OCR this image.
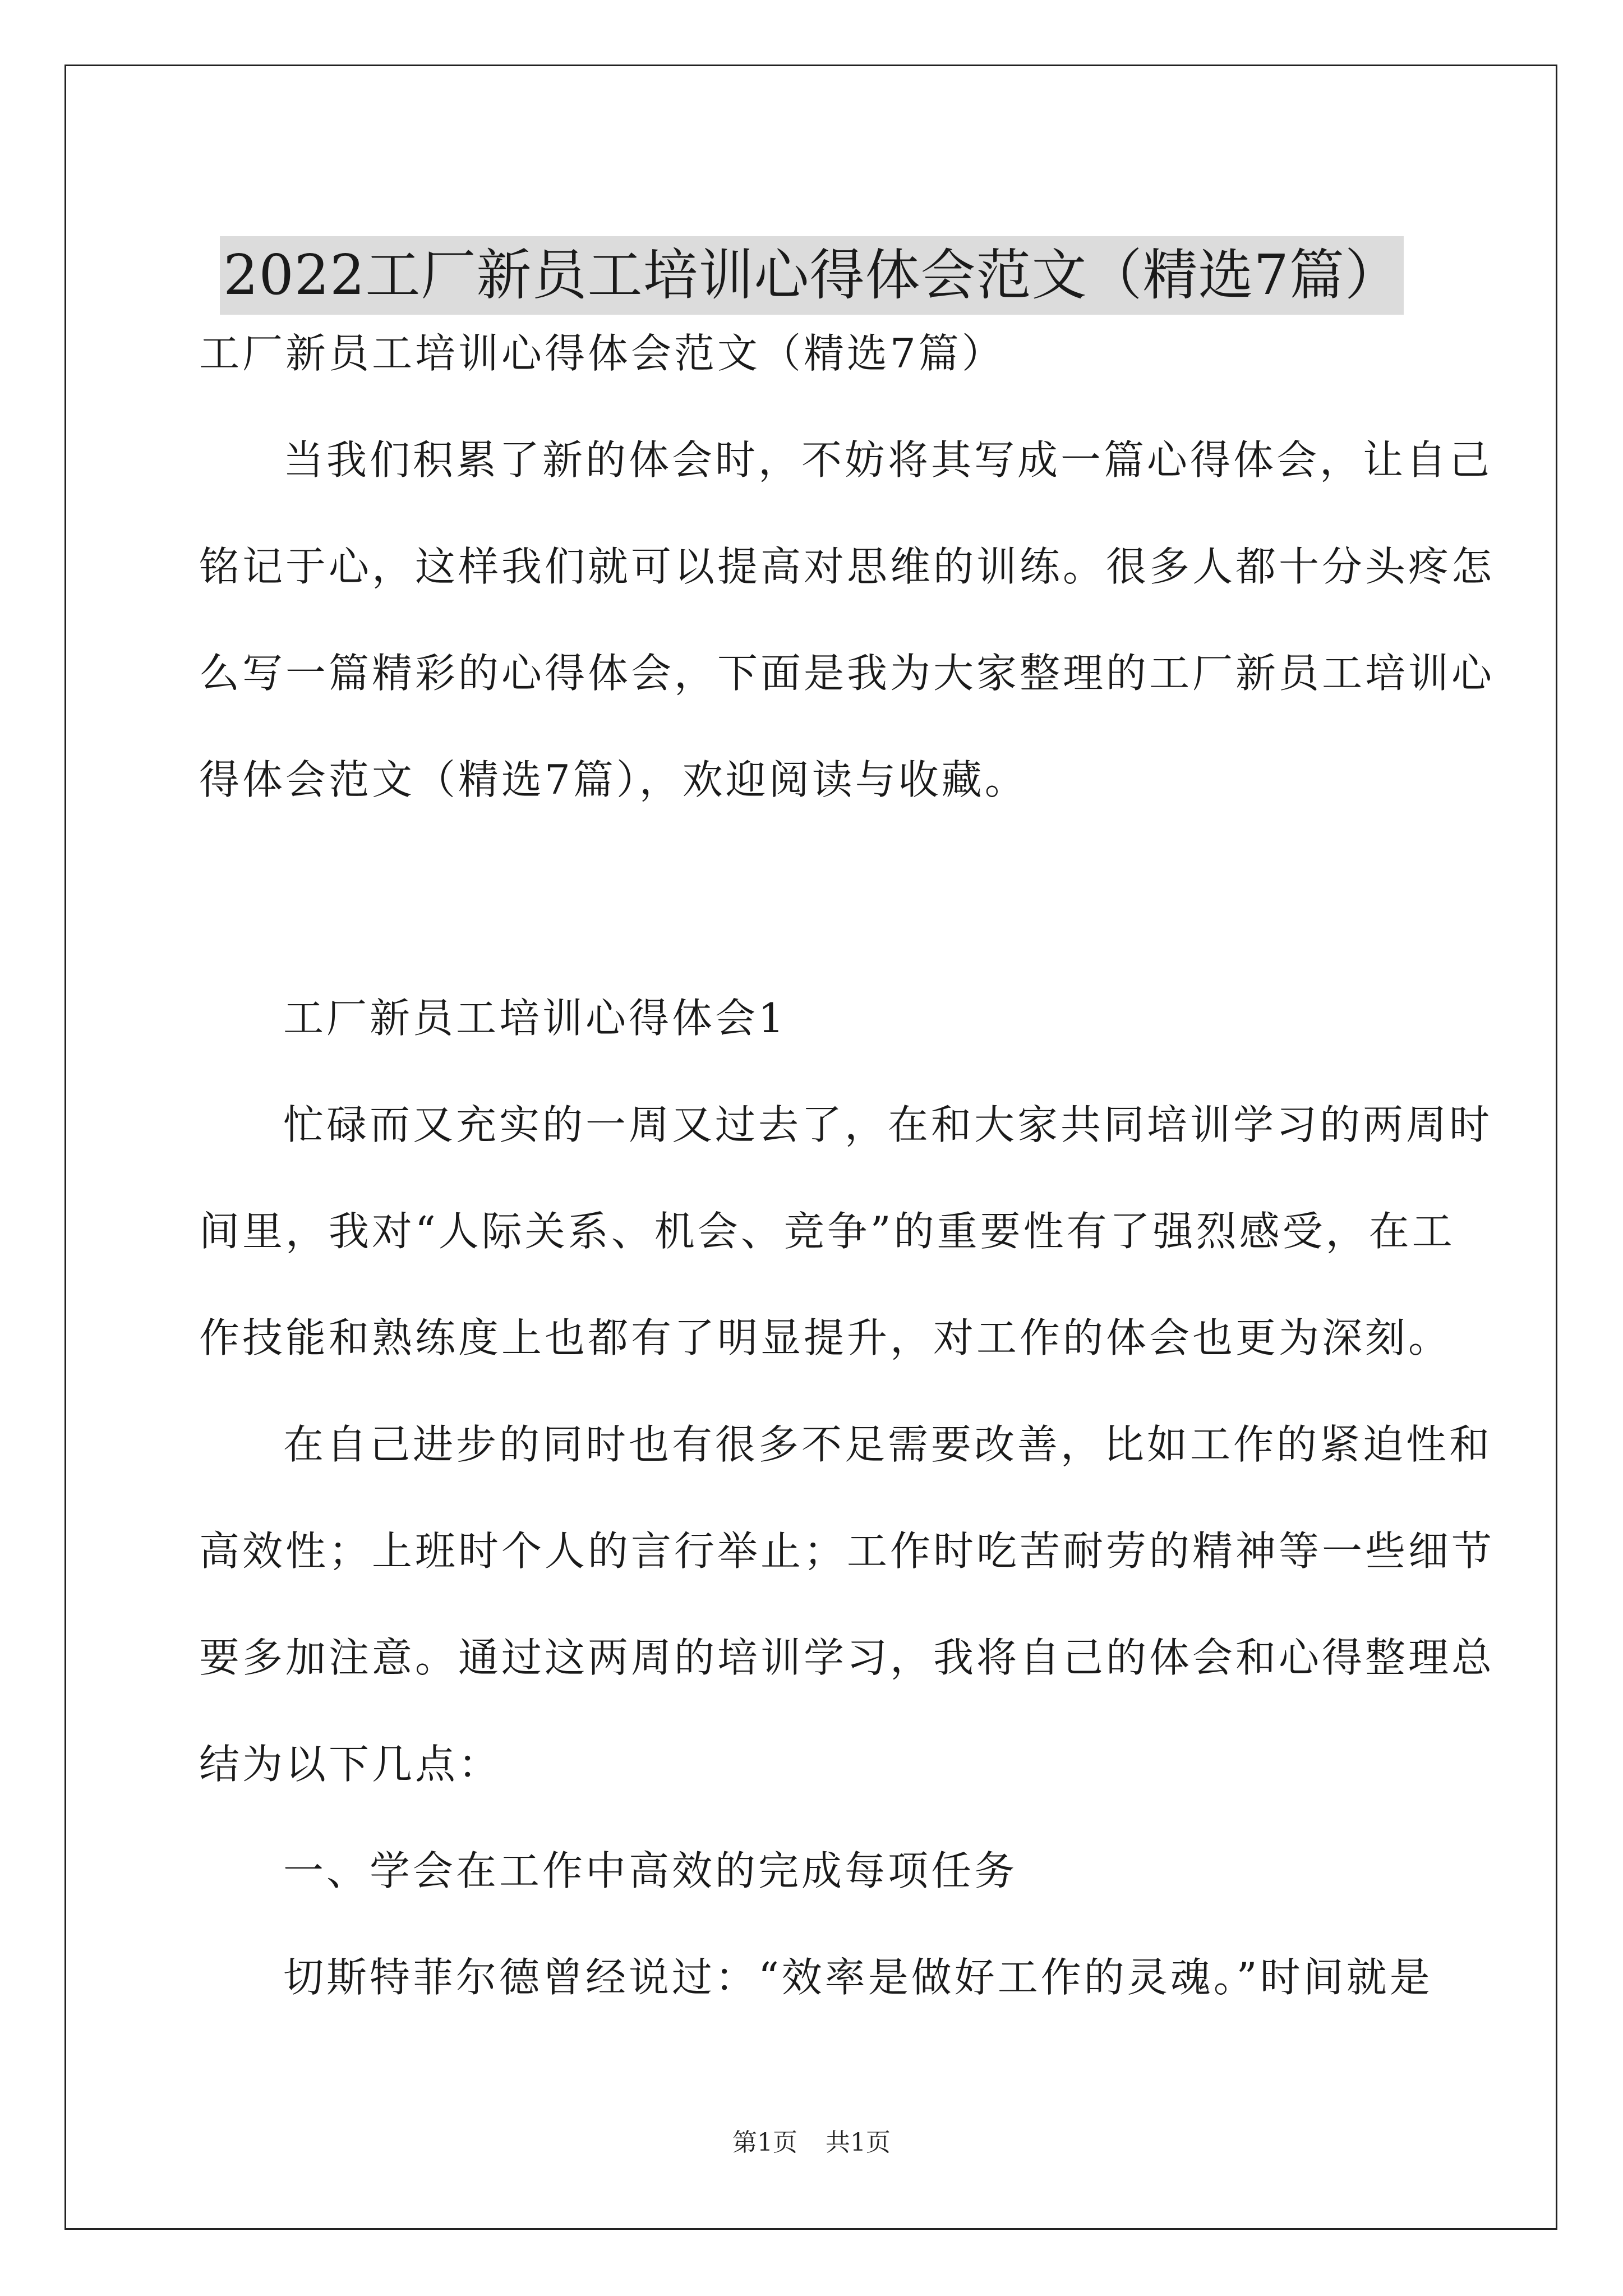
2022工厂新员工培训心得体会范文（精选7篇）

工厂新员工培训心得体会范文（精选7篇）

当我们积累了新的体会时，不妨将其写成一篇心得体会，让自己

铭记于心，这样我们就可以提高对思维的训练。很多人都十分头疼怎

么写一篇精彩的心得体会，下面是我为大家整理的工厂新员工培训心

得体会范文（精选7篇），欢迎阅读与收藏。

工厂新员工培训心得体会1

忙碌而又充实的一周又过去了，在和大家共同培训学习的两周时

间里，我对“人际关系、机会、竞争”的重要性有了强烈感受，在工

作技能和熟练度上也都有了明显提升，对工作的体会也更为深刻。

在自己进步的同时也有很多不足需要改善，比如工作的紧迫性和

高效性；上班时个人的言行举止；工作时吃苦耐劳的精神等一些细节

要多加注意。通过这两周的培训学习，我将自己的体会和心得整理总

结为以下几点：

一、学会在工作中高效的完成每项任务

切斯特菲尔德曾经说过：“效率是做好工作的灵魂。”时间就是

第1页 共1页
